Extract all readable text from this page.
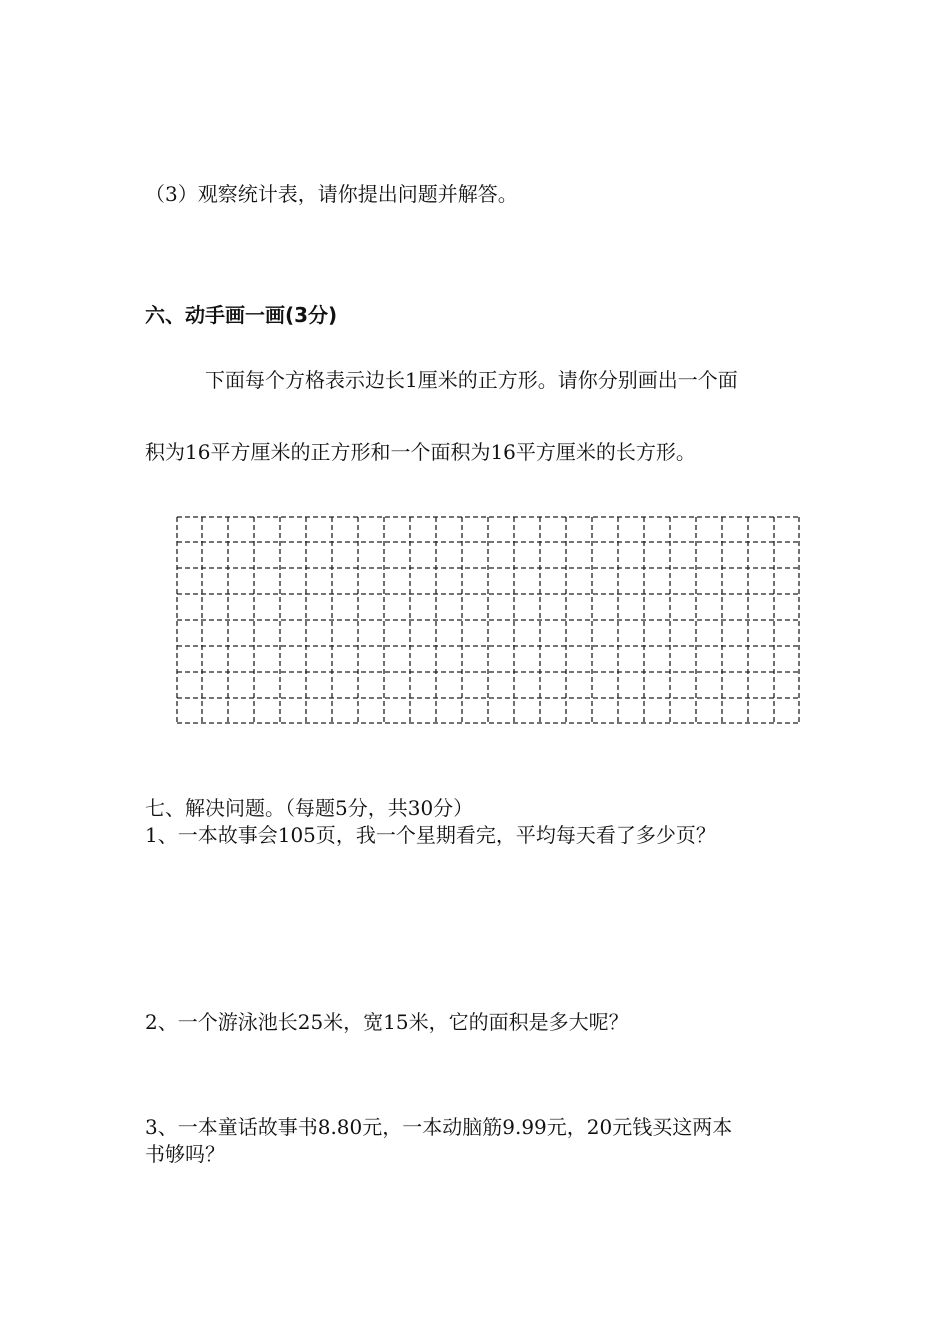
（3）观察统计表，请你提出问题并解答。
六、动手画一画(3分)
下面每个方格表示边长1厘米的正方形。请你分别画出一个面
积为16平方厘米的正方形和一个面积为16平方厘米的长方形。
七、解决问题。（每题5分，共30分）
1、一本故事会105页，我一个星期看完，平均每天看了多少页？
2、一个游泳池长25米，宽15米，它的面积是多大呢？
3、一本童话故事书8.80元，一本动脑筋9.99元，20元钱买这两本
书够吗？
